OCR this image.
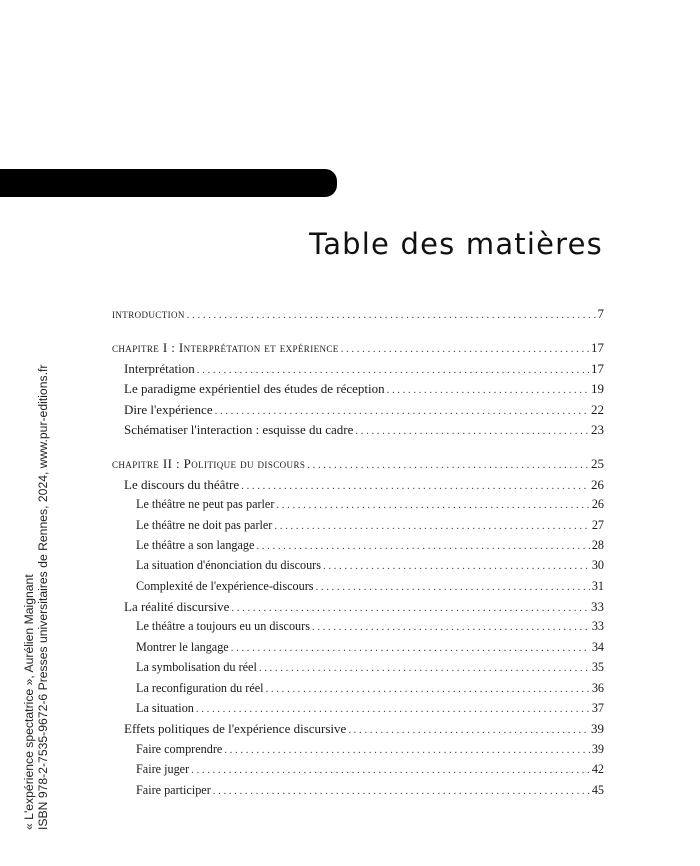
Table des matières
« L'expérience spectatrice », Aurélien Maignant ISBN 978-2-7535-9672-6 Presses universitaires de Rennes, 2024, www.pur-editions.fr
introduction .....	7
chapitre I : Interprétation et expérience .....	17
Interprétation .....	17
Le paradigme expérientiel des études de réception .....	19
Dire l'expérience .....	22
Schématiser l'interaction : esquisse du cadre .....	23
chapitre II : Politique du discours .....	25
Le discours du théâtre .....	26
Le théâtre ne peut pas parler .....	26
Le théâtre ne doit pas parler .....	27
Le théâtre a son langage .....	28
La situation d'énonciation du discours .....	30
Complexité de l'expérience-discours .....	31
La réalité discursive .....	33
Le théâtre a toujours eu un discours .....	33
Montrer le langage .....	34
La symbolisation du réel .....	35
La reconfiguration du réel .....	36
La situation .....	37
Effets politiques de l'expérience discursive .....	39
Faire comprendre .....	39
Faire juger .....	42
Faire participer .....	45
